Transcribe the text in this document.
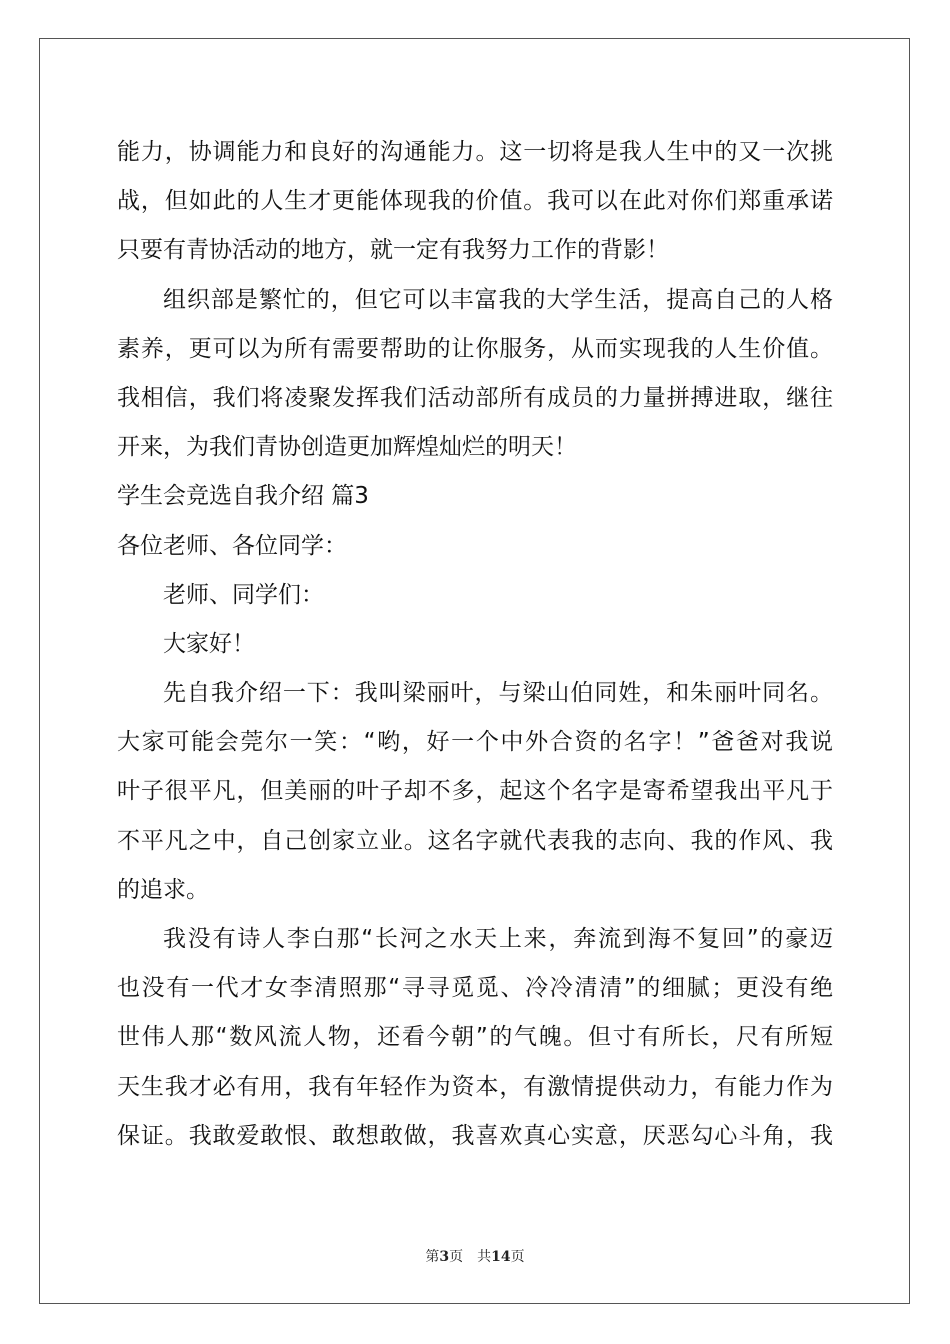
能力，协调能力和良好的沟通能力。这一切将是我人生中的又一次挑
战，但如此的人生才更能体现我的价值。我可以在此对你们郑重承诺
只要有青协活动的地方，就一定有我努力工作的背影！
组织部是繁忙的，但它可以丰富我的大学生活，提高自己的人格
素养，更可以为所有需要帮助的让你服务，从而实现我的人生价值。
我相信，我们将凌聚发挥我们活动部所有成员的力量拼搏进取，继往
开来，为我们青协创造更加辉煌灿烂的明天！
学生会竞选自我介绍 篇3
各位老师、各位同学：
老师、同学们：
大家好！
先自我介绍一下：我叫梁丽叶，与梁山伯同姓，和朱丽叶同名。
大家可能会莞尔一笑：“哟，好一个中外合资的名字！”爸爸对我说
叶子很平凡，但美丽的叶子却不多，起这个名字是寄希望我出平凡于
不平凡之中，自己创家立业。这名字就代表我的志向、我的作风、我
的追求。
我没有诗人李白那“长河之水天上来，奔流到海不复回”的豪迈
也没有一代才女李清照那“寻寻觅觅、冷冷清清”的细腻；更没有绝
世伟人那“数风流人物，还看今朝”的气魄。但寸有所长，尺有所短
天生我才必有用，我有年轻作为资本，有激情提供动力，有能力作为
保证。我敢爱敢恨、敢想敢做，我喜欢真心实意，厌恶勾心斗角，我
第3页　共14页
